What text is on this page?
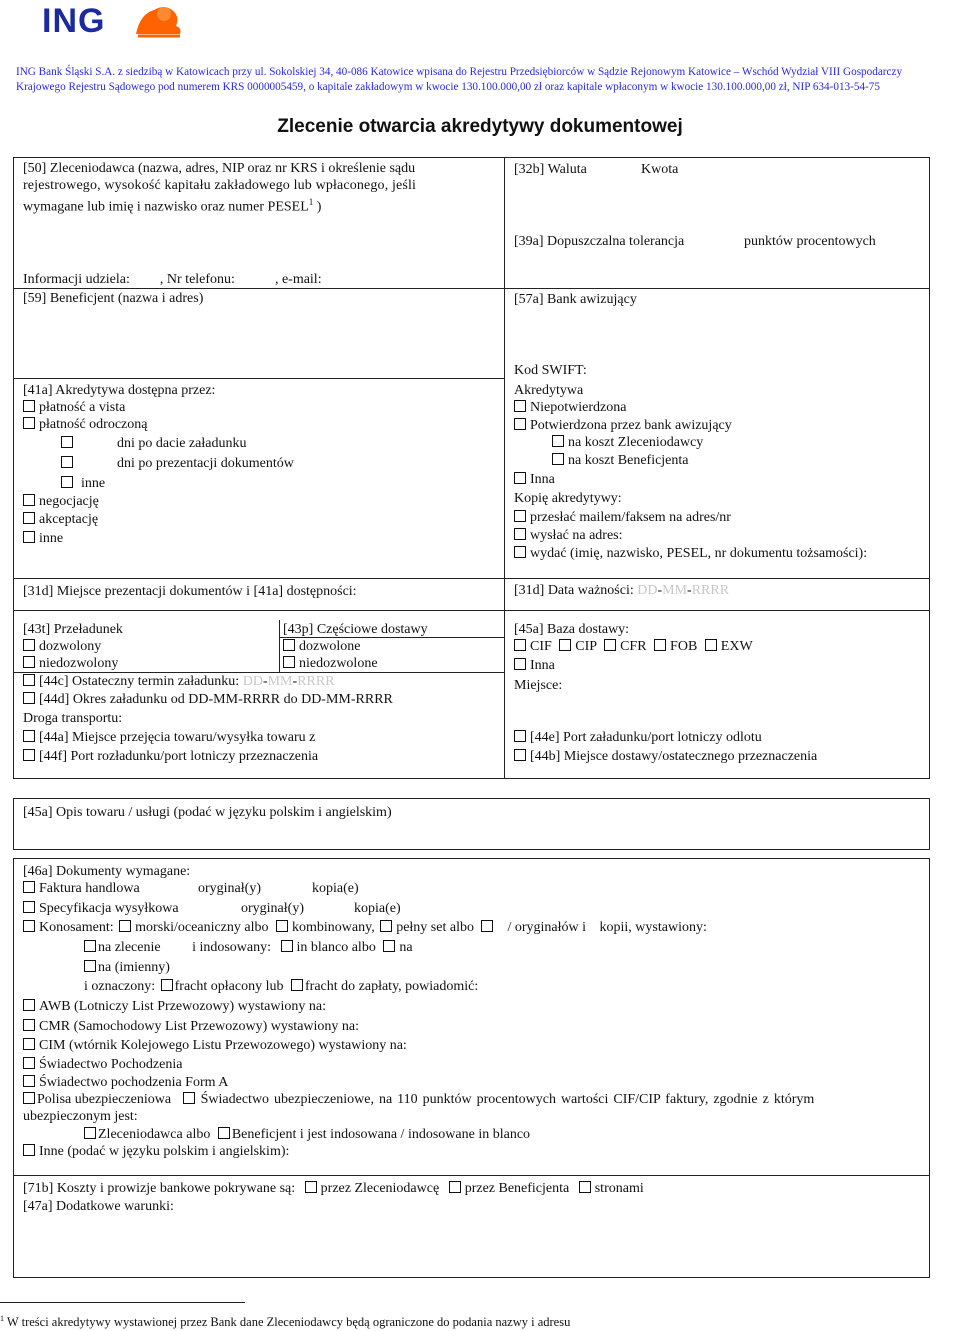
ING
ING Bank Śląski S.A. z siedzibą w Katowicach przy ul. Sokolskiej 34, 40-086 Katowice wpisana do Rejestru Przedsiębiorców w Sądzie Rejonowym Katowice – Wschód Wydział VIII Gospodarczy
Krajowego Rejestru Sądowego pod numerem KRS 0000005459, o kapitale zakładowym w kwocie 130.100.000,00 zł oraz kapitale wpłaconym w kwocie 130.100.000,00 zł, NIP 634-013-54-75
Zlecenie otwarcia akredytywy dokumentowej
[50] Zleceniodawca (nazwa, adres, NIP oraz nr KRS i określenie sądu
rejestrowego, wysokość kapitału zakładowego lub wpłaconego, jeśli
wymagane lub imię i nazwisko oraz numer PESEL$^1$ )
Informacji udziela: , Nr telefonu:	, e-mail:
[32b] Waluta	Kwota
[39a] Dopuszczalna tolerancja	punktów procentowych
[59] Beneficjent (nazwa i adres)	[57a] Bank awizujący
Kod SWIFT:
[41a] Akredytywa dostępna przez:
płatność a vista
płatność odroczoną
dni po dacie załadunku
dni po prezentacji dokumentów
inne
negocjację
akceptację
inne
Akredytywa
Niepotwierdzona
Potwierdzona przez bank awizujący
na koszt Zleceniodawcy
na koszt Beneficjenta
Inna
Kopię akredytywy:
przesłać mailem/faksem na adres/nr
wysłać na adres:
wydać (imię, nazwisko, PESEL, nr dokumentu tożsamości):
[31d] Miejsce prezentacji dokumentów i [41a] dostępności:	[31d] Data ważności: DD-MM-RRRR
[43t] Przeładunek
dozwolony
niedozwolony
[43p] Częściowe dostawy
dozwolone
niedozwolone
[44c] Ostateczny termin załadunku: DD-MM-RRRR
[44d] Okres załadunku od DD-MM-RRRR do DD-MM-RRRR
Droga transportu:
[44a] Miejsce przejęcia towaru/wysyłka towaru z
[44f] Port rozładunku/port lotniczy przeznaczenia
[45a] Baza dostawy:
CIF CIP CFR FOB EXW
Inna
Miejsce:
[44e] Port załadunku/port lotniczy odlotu
[44b] Miejsce dostawy/ostatecznego przeznaczenia
[45a] Opis towaru / usługi (podać w języku polskim i angielskim)
[46a] Dokumenty wymagane:
Faktura handlowa	oryginał(y)	kopia(e)
Specyfikacja wysyłkowa	oryginał(y)	kopia(e)
Konosament: morski/oceaniczny albo kombinowany, pełny set albo / oryginałów i kopii, wystawiony:
na zlecenie i indosowany: in blanco albo na
na (imienny)
i oznaczony: fracht opłacony lub fracht do zapłaty, powiadomić:
AWB (Lotniczy List Przewozowy) wystawiony na:
CMR (Samochodowy List Przewozowy) wystawiony na:
CIM (wtórnik Kolejowego Listu Przewozowego) wystawiony na:
Świadectwo Pochodzenia
Świadectwo pochodzenia Form A
Polisa ubezpieczeniowa Świadectwo ubezpieczeniowe, na 110 punktów procentowych wartości CIF/CIP faktury, zgodnie z którym
ubezpieczonym jest:
Zleceniodawca albo Beneficjent i jest indosowana / indosowane in blanco
Inne (podać w języku polskim i angielskim):
[71b] Koszty i prowizje bankowe pokrywane są: przez Zleceniodawcę przez Beneficjenta stronami
[47a] Dodatkowe warunki:
$^1$ W treści akredytywy wystawionej przez Bank dane Zleceniodawcy będą ograniczone do podania nazwy i adresu
